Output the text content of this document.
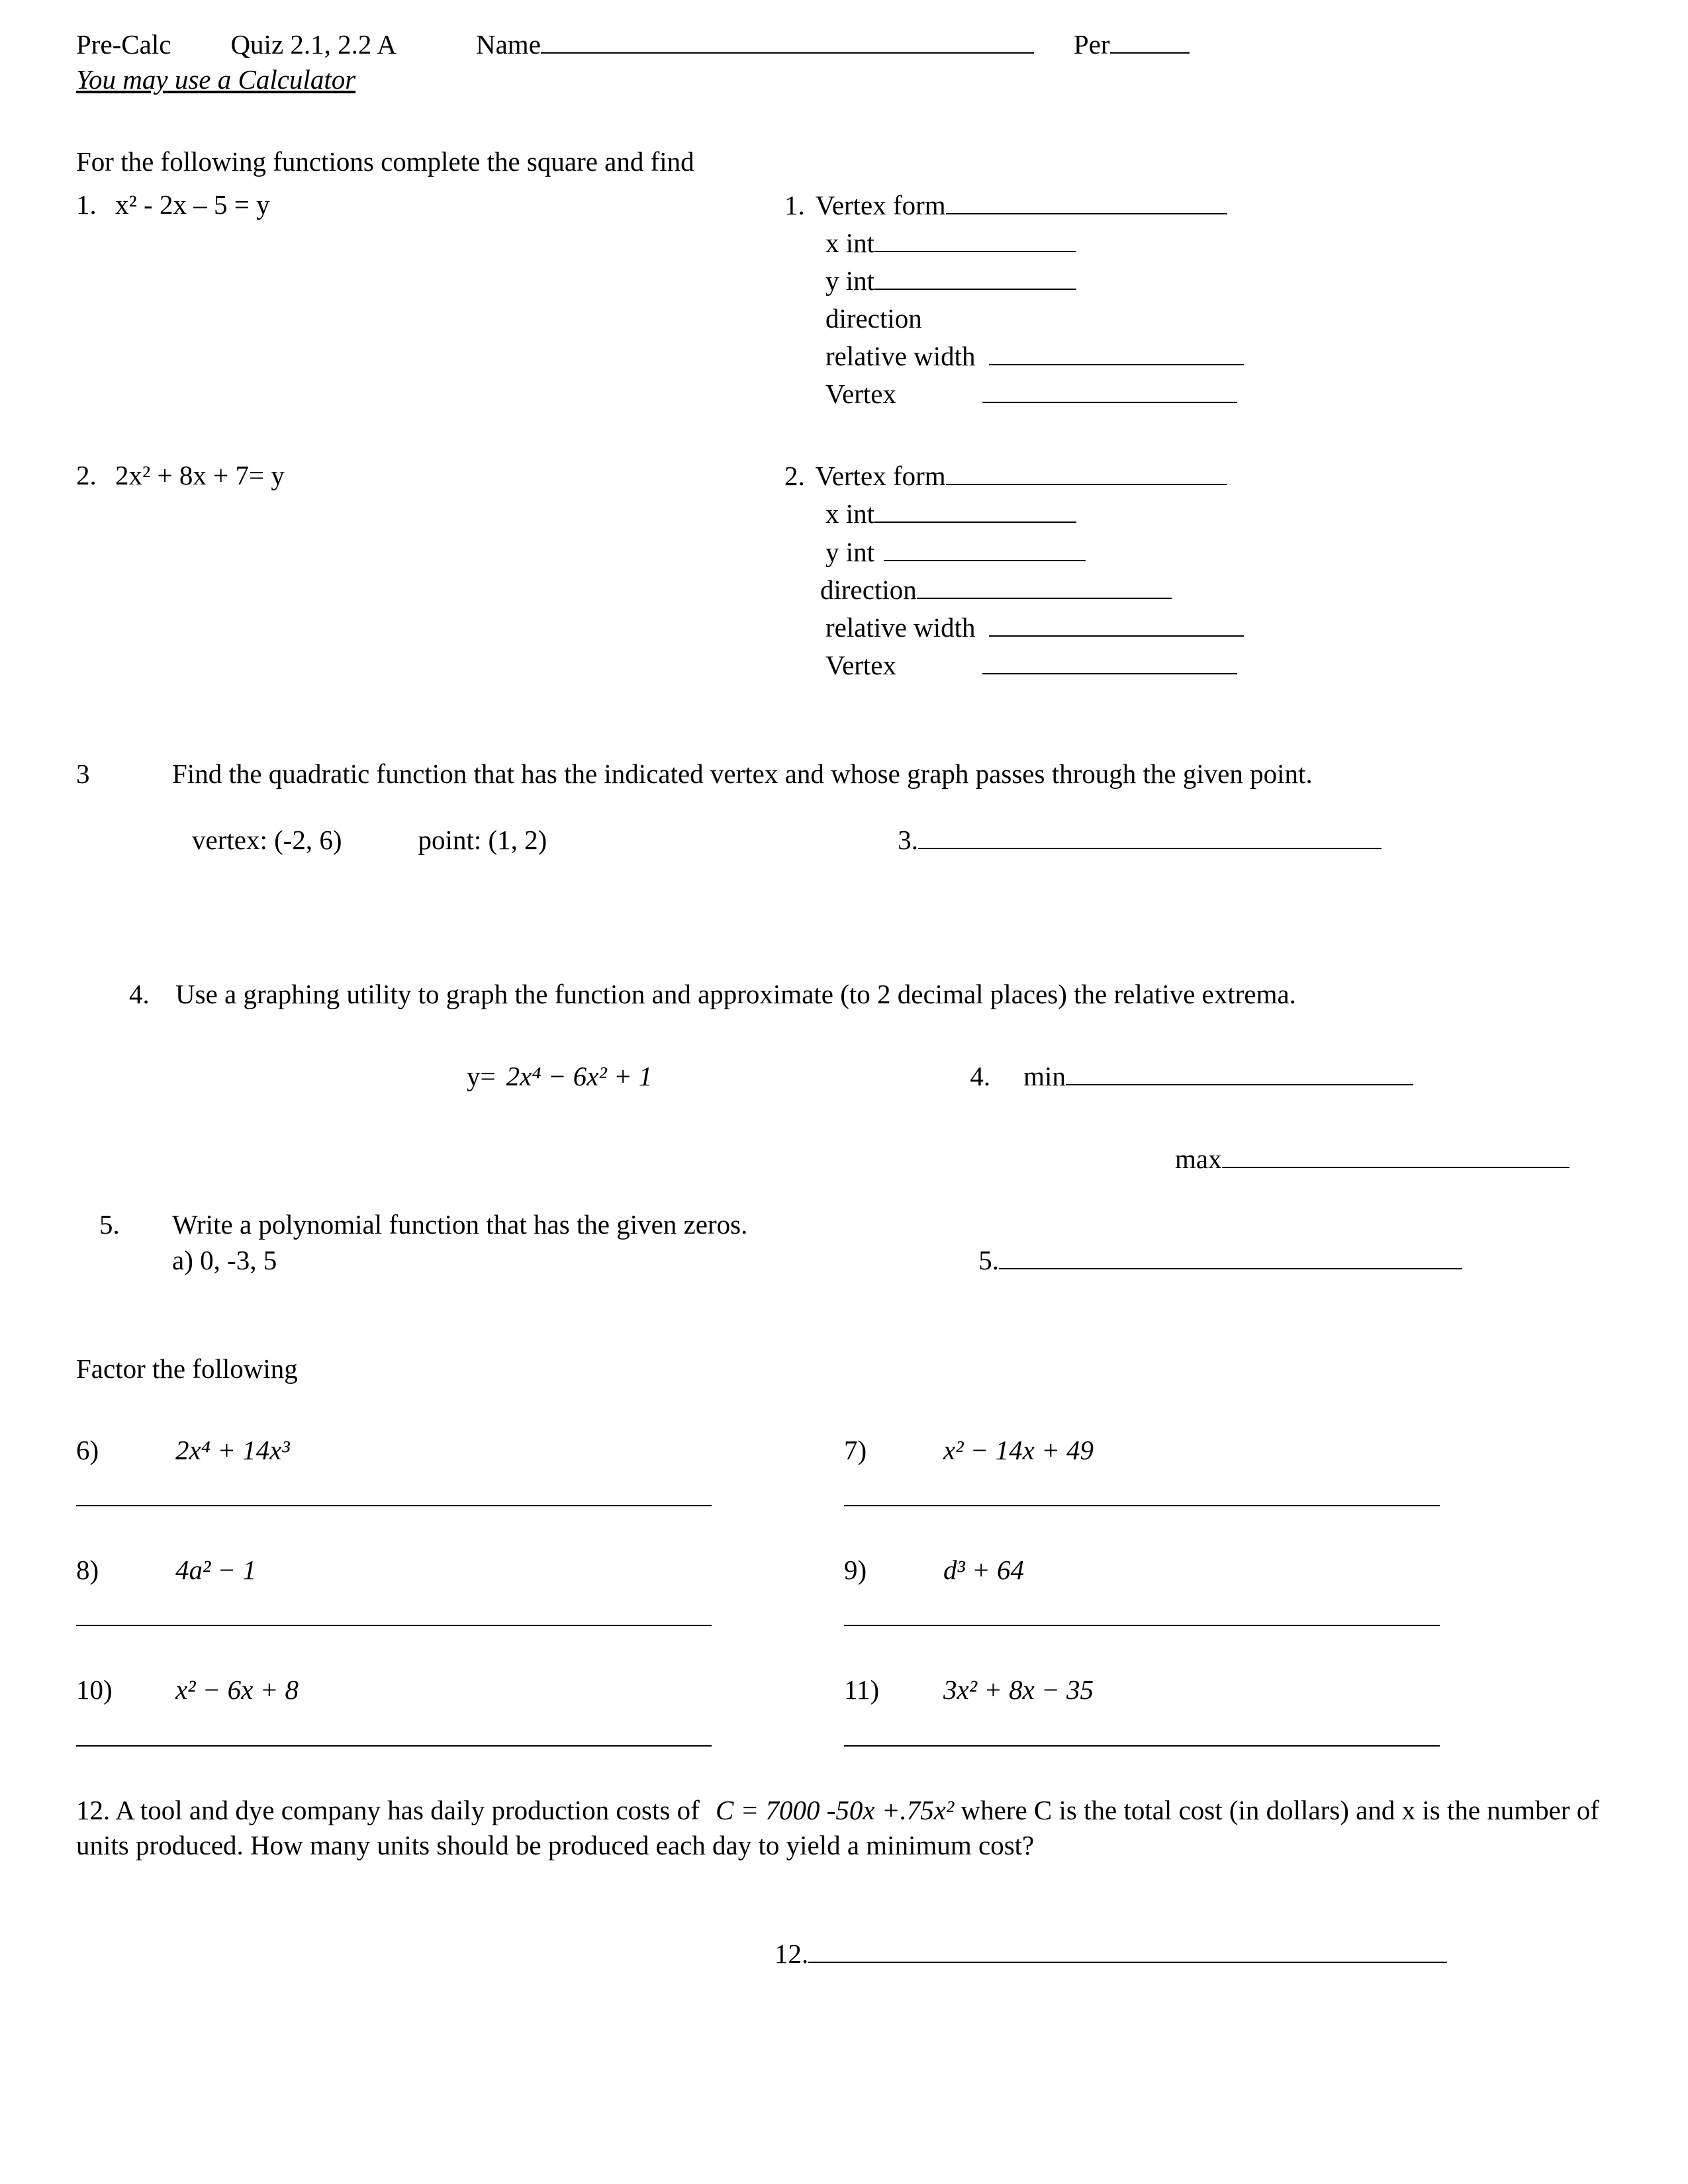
Pre-Calc Quiz 2.1, 2.2 A	Name	Per
You may use a Calculator
For the following functions complete the square and find
1. x² - 2x – 5 = y	1. Vertex form
x int
y int
direction
relative width
Vertex
2. 2x² + 8x + 7= y	2. Vertex form
x int
y int
direction
relative width
Vertex
3	Find the quadratic function that has the indicated vertex and whose graph passes through the given point.
vertex: (-2, 6)	point: (1, 2)	3.
4. Use a graphing utility to graph the function and approximate (to 2 decimal places) the relative extrema.
y= 2x⁴ − 6x² + 1	4. min
max
5.	Write a polynomial function that has the given zeros.
a) 0, -3, 5	5.
Factor the following
6)	2x⁴ + 14x³	7)	x² − 14x + 49
8)	4a² − 1	9)	d³ + 64
10)	x² − 6x + 8	11)	3x² + 8x − 35
12. A tool and dye company has daily production costs of C = 7000 -50x +.75x² where C is the total cost (in dollars) and x is the number of units produced. How many units should be produced each day to yield a minimum cost?
12.
